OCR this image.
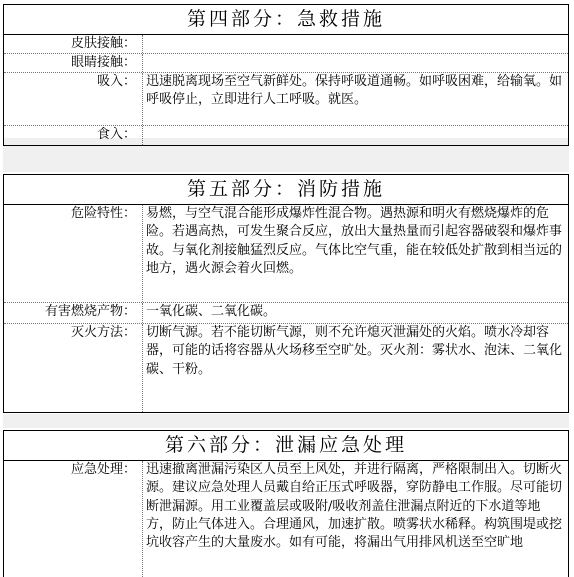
第四部分：急救措施
皮肤接触：
眼睛接触：
吸入： 迅速脱离现场至空气新鲜处。保持呼吸道通畅。如呼吸困难，给输氧。如呼吸停止，立即进行人工呼吸。就医。
食入：
第五部分：消防措施
危险特性： 易燃，与空气混合能形成爆炸性混合物。遇热源和明火有燃烧爆炸的危险。若遇高热，可发生聚合反应，放出大量热量而引起容器破裂和爆炸事故。与氧化剂接触猛烈反应。气体比空气重，能在较低处扩散到相当远的地方，遇火源会着火回燃。
有害燃烧产物： 一氧化碳、二氧化碳。
灭火方法： 切断气源。若不能切断气源，则不允许熄灭泄漏处的火焰。喷水冷却容器，可能的话将容器从火场移至空旷处。灭火剂：雾状水、泡沫、二氧化碳、干粉。
第六部分：泄漏应急处理
应急处理： 迅速撤离泄漏污染区人员至上风处，并进行隔离，严格限制出入。切断火源。建议应急处理人员戴自给正压式呼吸器，穿防静电工作服。尽可能切断泄漏源。用工业覆盖层或吸附/吸收剂盖住泄漏点附近的下水道等地方，防止气体进入。合理通风，加速扩散。喷雾状水稀释。构筑围堤或挖坑收容产生的大量废水。如有可能，将漏出气用排风机送至空旷地
